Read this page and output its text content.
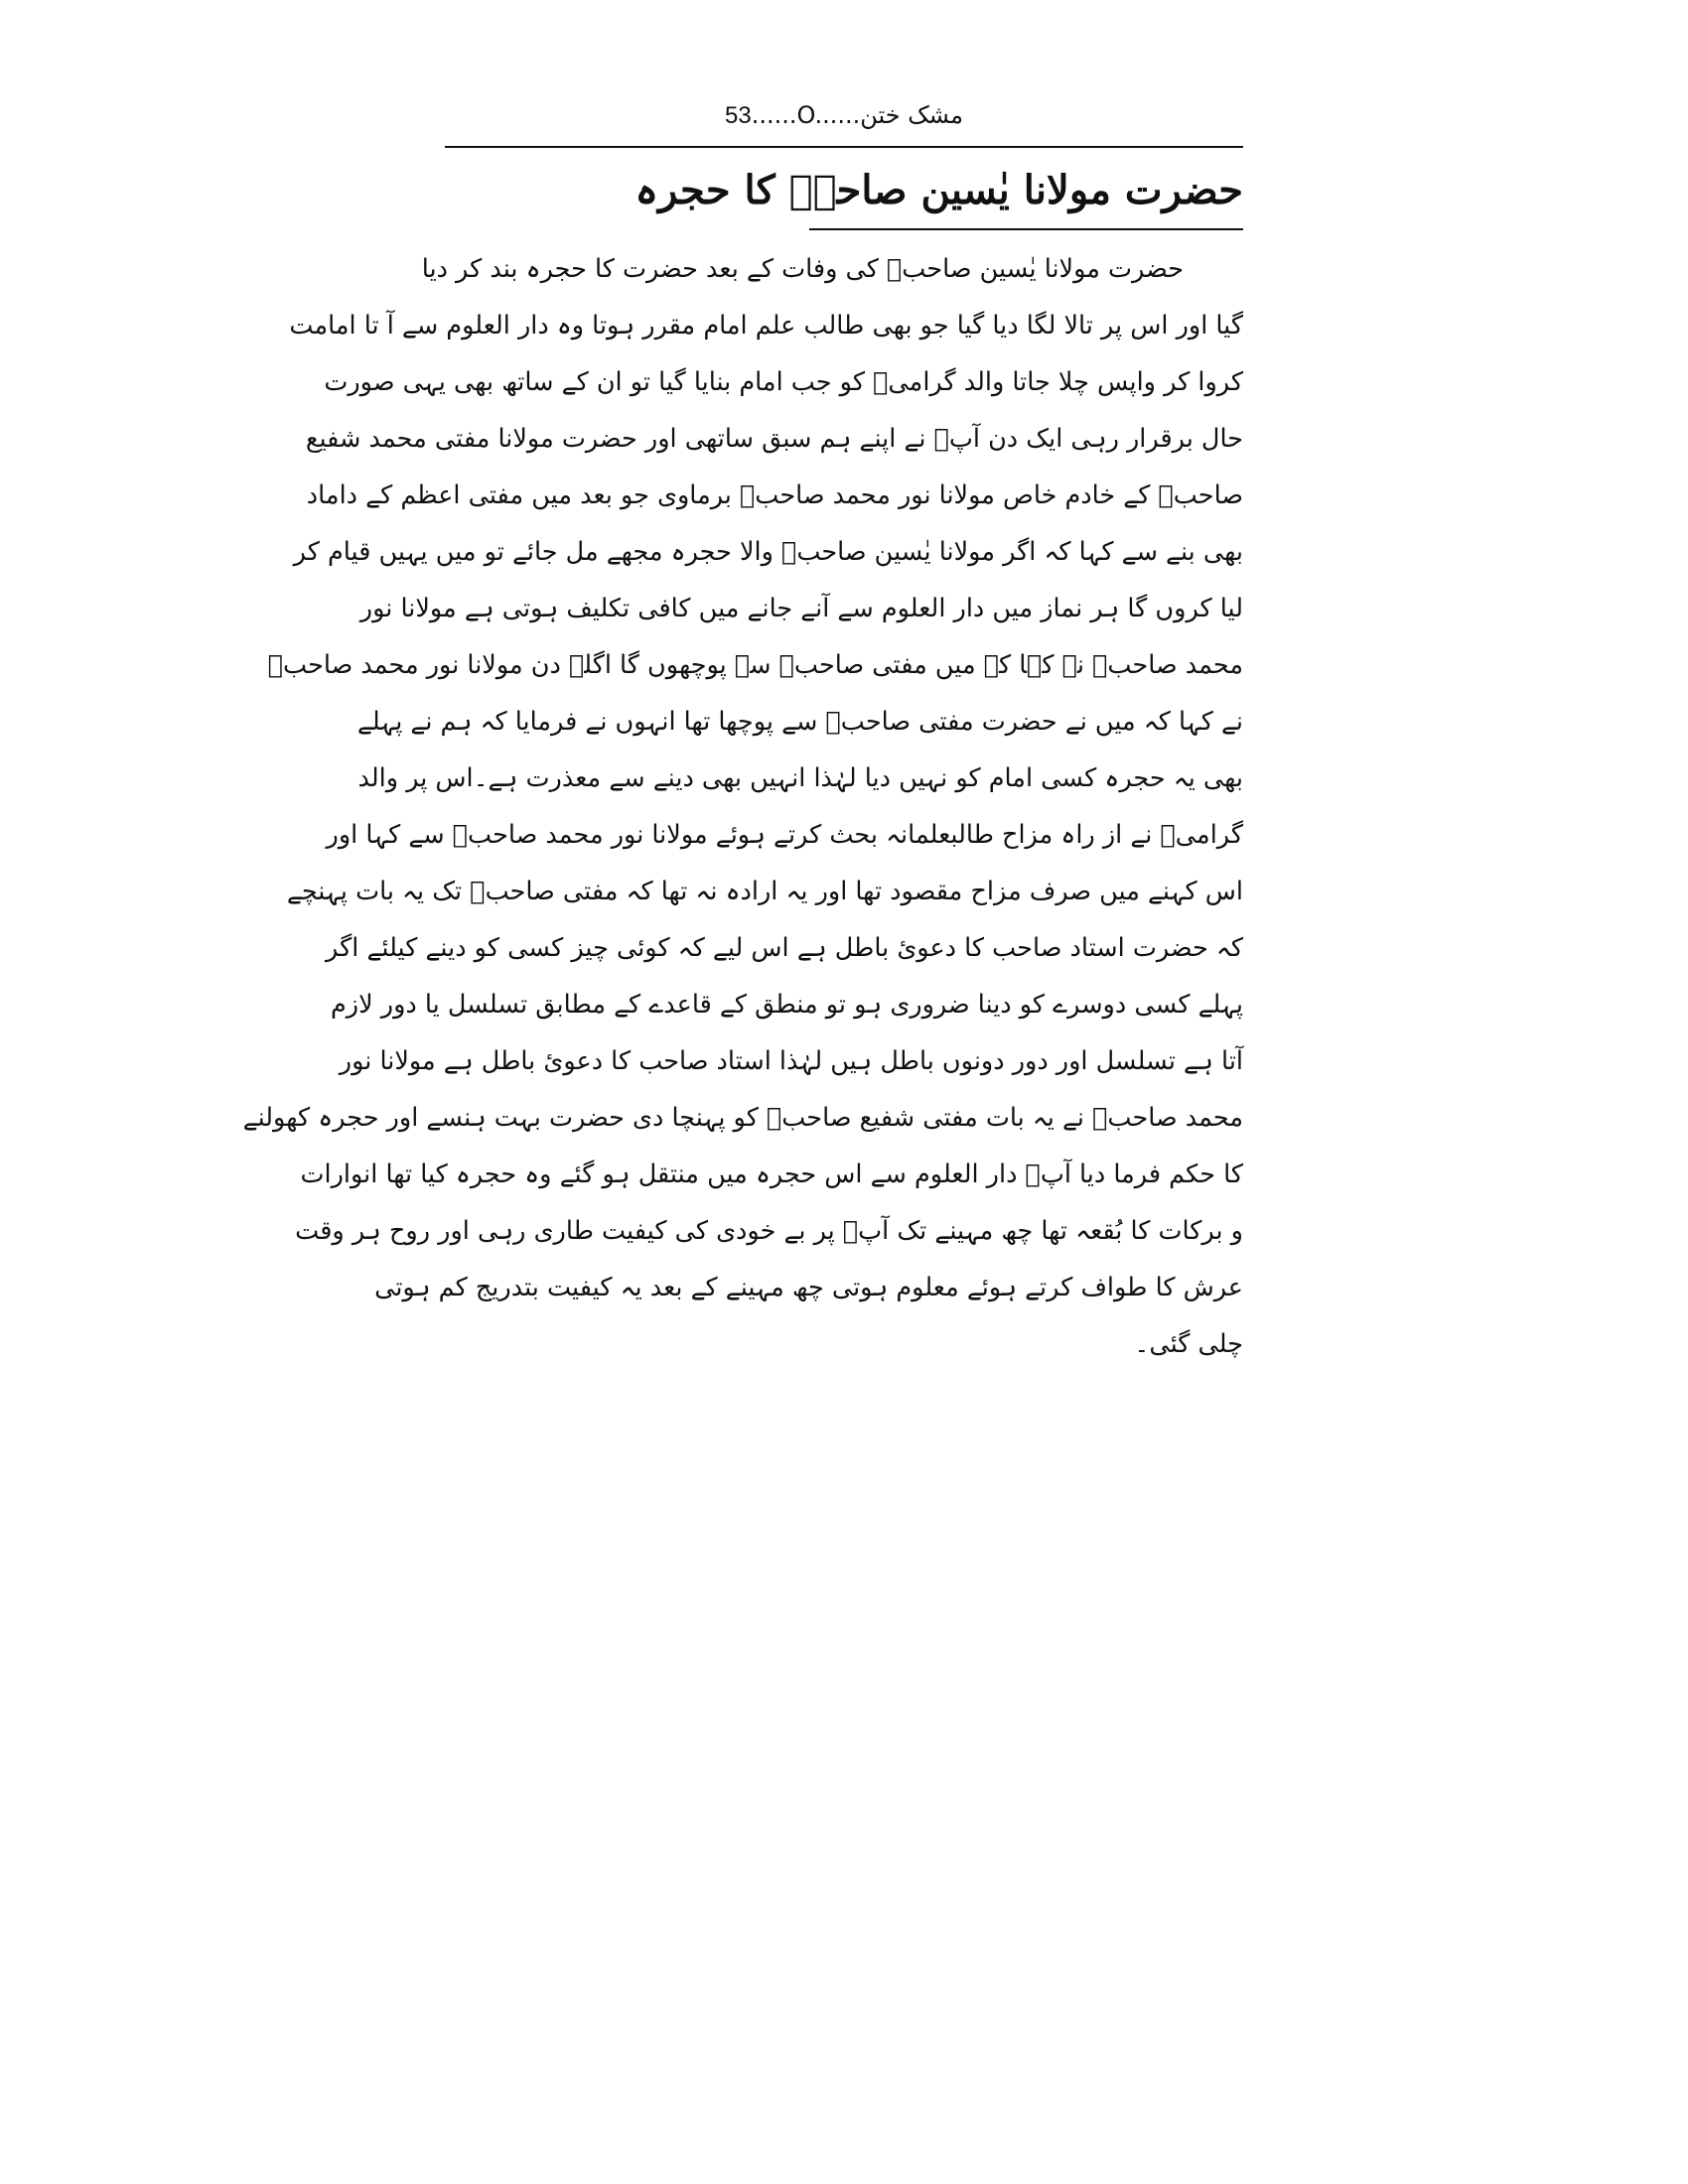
53......O......مشک ختن
حضرت مولانا یٰسین صاحبؒ کا حجرہ
حضرت مولانا یٰسین صاحبؒ کی وفات کے بعد حضرت کا حجرہ بند کر دیا
گیا اور اس پر تالا لگا دیا گیا جو بھی طالب علم امام مقرر ہوتا وہ دار العلوم سے آ تا امامت
کروا کر واپس چلا جاتا والد گرامیؒ کو جب امام بنایا گیا تو ان کے ساتھ بھی یہی صورت
حال برقرار رہی ایک دن آپؒ نے اپنے ہم سبق ساتھی اور حضرت مولانا مفتی محمد شفیع
صاحبؒ کے خادم خاص مولانا نور محمد صاحبؒ برماوی جو بعد میں مفتی اعظم کے داماد
بھی بنے سے کہا کہ اگر مولانا یٰسین صاحبؒ والا حجرہ مجھے مل جائے تو میں یہیں قیام کر
لیا کروں گا ہر نماز میں دار العلوم سے آنے جانے میں کافی تکلیف ہوتی ہے مولانا نور
محمد صاحبؒ نے کہا کہ میں مفتی صاحبؒ سے پوچھوں گا اگلے دن مولانا نور محمد صاحبؒ
نے کہا کہ میں نے حضرت مفتی صاحبؒ سے پوچھا تھا انہوں نے فرمایا کہ ہم نے پہلے
بھی یہ حجرہ کسی امام کو نہیں دیا لہٰذا انہیں بھی دینے سے معذرت ہے۔اس پر والد
گرامیؒ نے از راہ مزاح طالبعلمانہ بحث کرتے ہوئے مولانا نور محمد صاحبؒ سے کہا اور
اس کہنے میں صرف مزاح مقصود تھا اور یہ ارادہ نہ تھا کہ مفتی صاحبؒ تک یہ بات پہنچے
کہ حضرت استاد صاحب کا دعوئ باطل ہے اس لیے کہ کوئی چیز کسی کو دینے کیلئے اگر
پہلے کسی دوسرے کو دینا ضروری ہو تو منطق کے قاعدے کے مطابق تسلسل یا دور لازم
آتا ہے تسلسل اور دور دونوں باطل ہیں لہٰذا استاد صاحب کا دعوئ باطل ہے مولانا نور
محمد صاحبؒ نے یہ بات مفتی شفیع صاحبؒ کو پہنچا دی حضرت بہت ہنسے اور حجرہ کھولنے
کا حکم فرما دیا آپؒ دار العلوم سے اس حجرہ میں منتقل ہو گئے وہ حجرہ کیا تھا انوارات
و برکات کا بُقعہ تھا چھ مہینے تک آپؒ پر بے خودی کی کیفیت طاری رہی اور روح ہر وقت
عرش کا طواف کرتے ہوئے معلوم ہوتی چھ مہینے کے بعد یہ کیفیت بتدریج کم ہوتی
چلی گئی۔
